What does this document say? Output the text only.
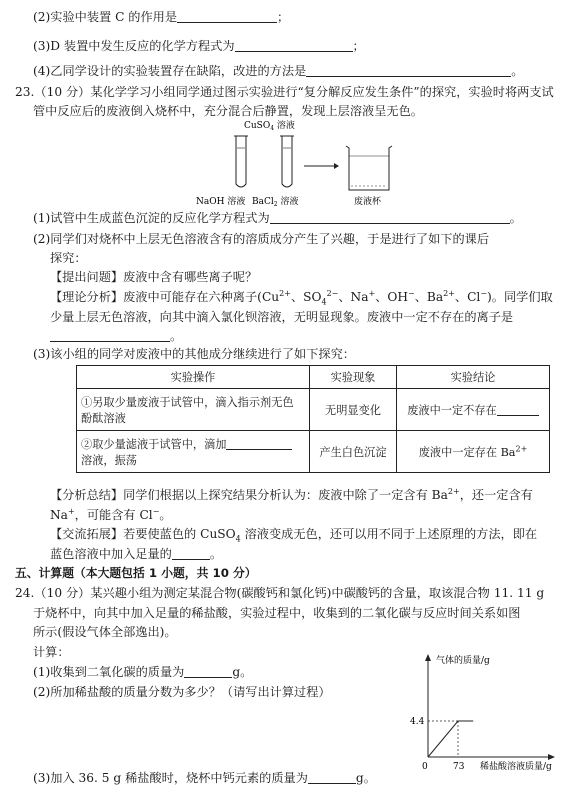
(2)实验中装置 C 的作用是	；
(3)D 装置中发生反应的化学方程式为	；
(4)乙同学设计的实验装置存在缺陷，改进的方法是	。
23.（10 分）某化学学习小组同学通过图示实验进行“复分解反应发生条件”的探究，实验时将两支试
管中反应后的废液倒入烧杯中，充分混合后静置，发现上层溶液呈无色。
CuSO$_4$ 溶液
NaOH 溶液 BaCl$_2$ 溶液	废液杯
(1)试管中生成蓝色沉淀的反应化学方程式为	。
(2)同学们对烧杯中上层无色溶液含有的溶质成分产生了兴趣，于是进行了如下的课后
探究：
【提出问题】废液中含有哪些离子呢？
【理论分析】废液中可能存在六种离子($Cu^{2+}$、$SO_4^{2-}$、Na+、OH−、$Ba^{2+}$、Cl−)。同学们取
少量上层无色溶液，向其中滴入氯化钡溶液，无明显现象。废液中一定不存在的离子是
。
(3)该小组的同学对废液中的其他成分继续进行了如下探究：
实验操作	实验现象	实验结论
①另取少量废液于试管中，滴入指示剂无色
酚酞溶液	无明显变化	废液中一定不存在
②取少量滤液于试管中，滴加
溶液，振荡	产生白色沉淀	废液中一定存在 $Ba^{2+}$
【分析总结】同学们根据以上探究结果分析认为：废液中除了一定含有 $Ba^{2+}$，还一定含有
Na+，可能含有 Cl−。
【交流拓展】若要使蓝色的 CuSO$_4$ 溶液变成无色，还可以用不同于上述原理的方法，即在
蓝色溶液中加入足量的	。
五、计算题（本大题包括 1 小题，共 10 分）
24.（10 分）某兴趣小组为测定某混合物(碳酸钙和氯化钙)中碳酸钙的含量，取该混合物 11. 11 g
于烧杯中，向其中加入足量的稀盐酸，实验过程中，收集到的二氧化碳与反应时间关系如图
所示(假设气体全部逸出)。
计算：
(1)收集到二氧化碳的质量为	g。
(2)所加稀盐酸的质量分数为多少？（请写出计算过程）
(3)加入 36. 5 g 稀盐酸时，烧杯中钙元素的质量为	g。
气体的质量/g
稀盐酸溶液质量/g
0	73
4.4
